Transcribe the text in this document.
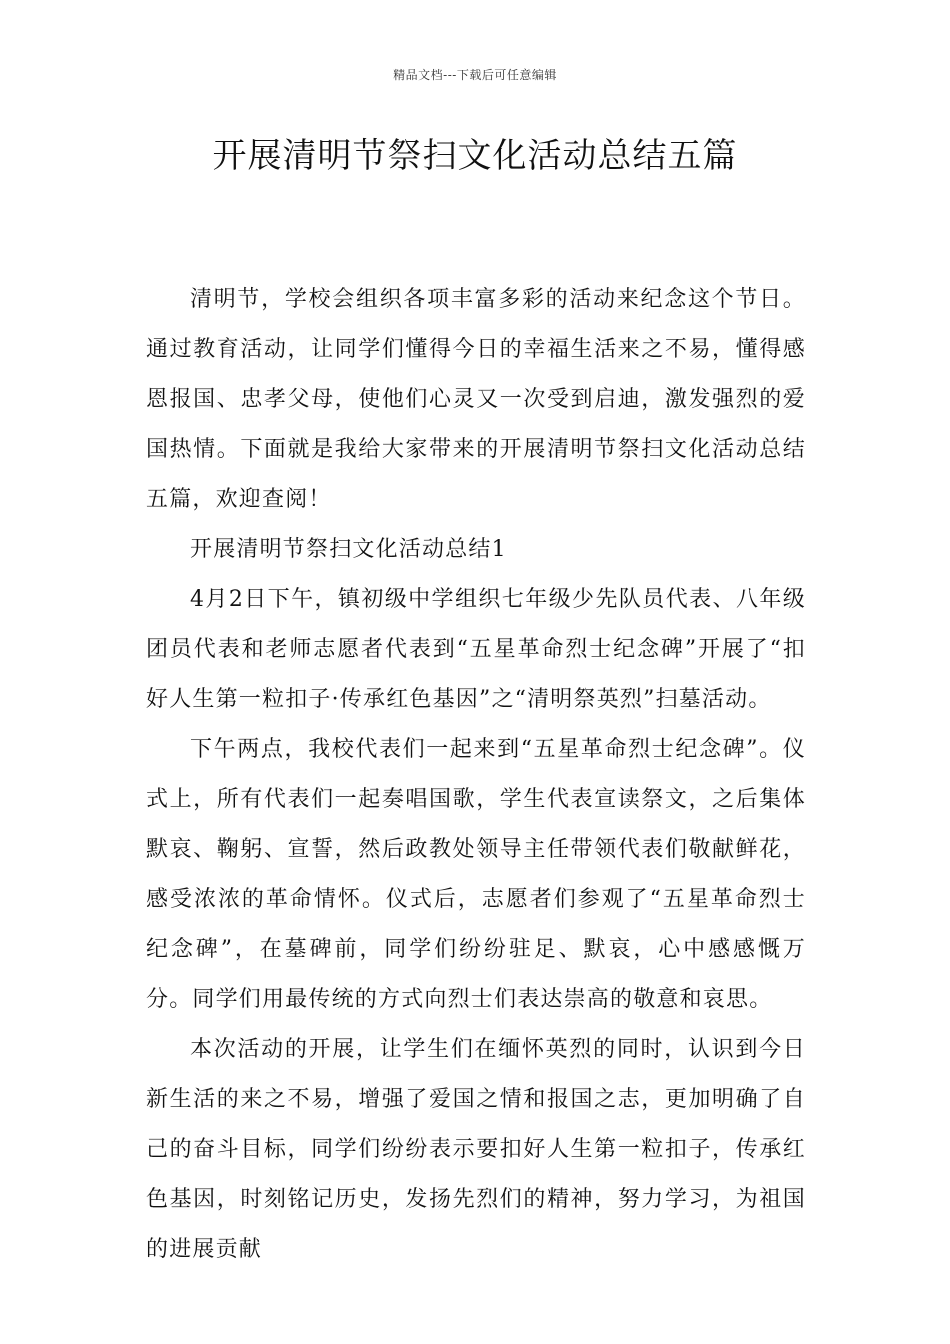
精品文档---下载后可任意编辑
开展清明节祭扫文化活动总结五篇

清明节，学校会组织各项丰富多彩的活动来纪念这个节日。通过教育活动，让同学们懂得今日的幸福生活来之不易，懂得感恩报国、忠孝父母，使他们心灵又一次受到启迪，激发强烈的爱国热情。下面就是我给大家带来的开展清明节祭扫文化活动总结五篇，欢迎查阅！

开展清明节祭扫文化活动总结1

4月2日下午，镇初级中学组织七年级少先队员代表、八年级团员代表和老师志愿者代表到“五星革命烈士纪念碑”开展了“扣好人生第一粒扣子·传承红色基因”之“清明祭英烈”扫墓活动。

下午两点，我校代表们一起来到“五星革命烈士纪念碑”。仪式上，所有代表们一起奏唱国歌，学生代表宣读祭文，之后集体默哀、鞠躬、宣誓，然后政教处领导主任带领代表们敬献鲜花，感受浓浓的革命情怀。仪式后，志愿者们参观了“五星革命烈士纪念碑”，在墓碑前，同学们纷纷驻足、默哀，心中感感慨万分。同学们用最传统的方式向烈士们表达崇高的敬意和哀思。

本次活动的开展，让学生们在缅怀英烈的同时，认识到今日新生活的来之不易，增强了爱国之情和报国之志，更加明确了自己的奋斗目标，同学们纷纷表示要扣好人生第一粒扣子，传承红色基因，时刻铭记历史，发扬先烈们的精神，努力学习，为祖国的进展贡献
